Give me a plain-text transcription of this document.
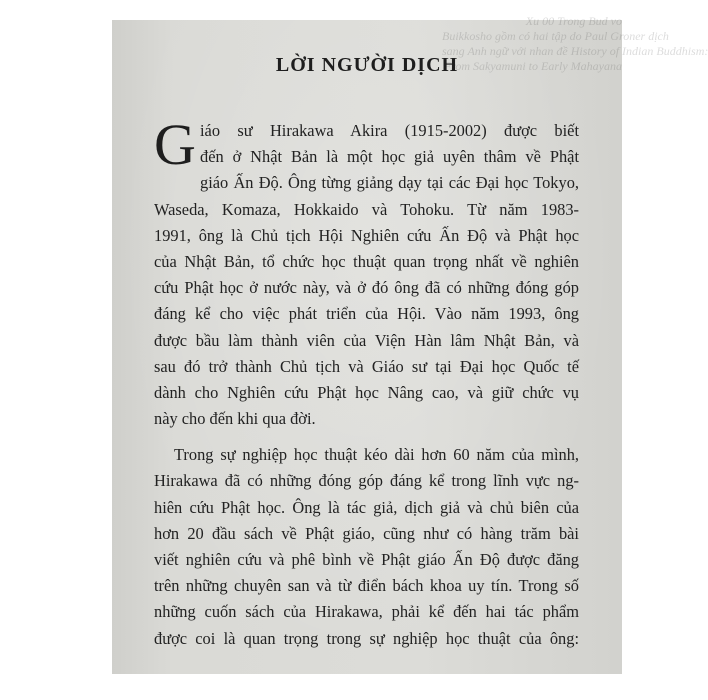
Xu 00 Trong Bud vo
Buikkosho gồm có hai tập do Paul Groner dịch
sang Anh ngữ với nhan đề History of Indian Buddhism:
From Sakyamuni to Early Mahayana
LỜI NGƯỜI DỊCH
G iáo sư Hirakawa Akira (1915-2002) được biết
đến ở Nhật Bản là một học giả uyên thâm về Phật
giáo Ấn Độ. Ông từng giảng dạy tại các Đại học Tokyo,
Waseda, Komaza, Hokkaido và Tohoku. Từ năm 1983-
1991, ông là Chủ tịch Hội Nghiên cứu Ấn Độ và Phật học
của Nhật Bản, tổ chức học thuật quan trọng nhất về nghiên
cứu Phật học ở nước này, và ở đó ông đã có những đóng góp
đáng kể cho việc phát triển của Hội. Vào năm 1993, ông
được bầu làm thành viên của Viện Hàn lâm Nhật Bản, và
sau đó trở thành Chủ tịch và Giáo sư tại Đại học Quốc tế
dành cho Nghiên cứu Phật học Nâng cao, và giữ chức vụ
này cho đến khi qua đời.
Trong sự nghiệp học thuật kéo dài hơn 60 năm của mình,
Hirakawa đã có những đóng góp đáng kể trong lĩnh vực ng-
hiên cứu Phật học. Ông là tác giả, dịch giả và chủ biên của
hơn 20 đầu sách về Phật giáo, cũng như có hàng trăm bài
viết nghiên cứu và phê bình về Phật giáo Ấn Độ được đăng
trên những chuyên san và từ điển bách khoa uy tín. Trong số
những cuốn sách của Hirakawa, phải kể đến hai tác phẩm
được coi là quan trọng trong sự nghiệp học thuật của ông:
